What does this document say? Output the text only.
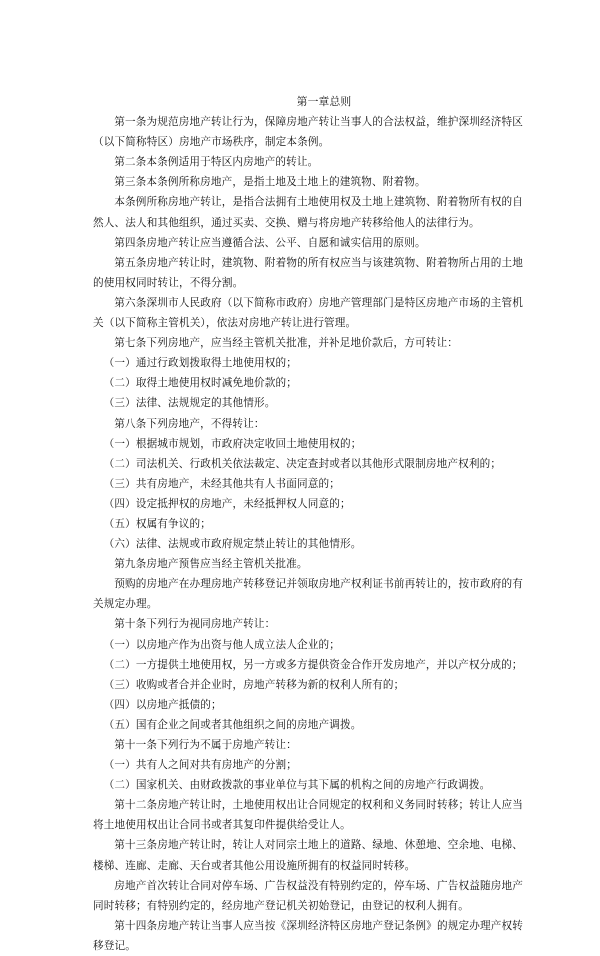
第一章总则

第一条为规范房地产转让行为，保障房地产转让当事人的合法权益，维护深圳经济特区（以下简称特区）房地产市场秩序，制定本条例。

第二条本条例适用于特区内房地产的转让。

第三条本条例所称房地产，是指土地及土地上的建筑物、附着物。

本条例所称房地产转让，是指合法拥有土地使用权及土地上建筑物、附着物所有权的自然人、法人和其他组织，通过买卖、交换、赠与将房地产转移给他人的法律行为。

第四条房地产转让应当遵循合法、公平、自愿和诚实信用的原则。

第五条房地产转让时，建筑物、附着物的所有权应当与该建筑物、附着物所占用的土地的使用权同时转让，不得分割。

第六条深圳市人民政府（以下简称市政府）房地产管理部门是特区房地产市场的主管机关（以下简称主管机关），依法对房地产转让进行管理。

第七条下列房地产，应当经主管机关批准，并补足地价款后，方可转让：

（一）通过行政划拨取得土地使用权的；

（二）取得土地使用权时减免地价款的；

（三）法律、法规规定的其他情形。

第八条下列房地产，不得转让：

（一）根据城市规划，市政府决定收回土地使用权的；

（二）司法机关、行政机关依法裁定、决定查封或者以其他形式限制房地产权利的；

（三）共有房地产，未经其他共有人书面同意的；

（四）设定抵押权的房地产，未经抵押权人同意的；

（五）权属有争议的；

（六）法律、法规或市政府规定禁止转让的其他情形。

第九条房地产预售应当经主管机关批准。

预购的房地产在办理房地产转移登记并领取房地产权利证书前再转让的，按市政府的有关规定办理。

第十条下列行为视同房地产转让：

（一）以房地产作为出资与他人成立法人企业的；

（二）一方提供土地使用权，另一方或多方提供资金合作开发房地产，并以产权分成的；

（三）收购或者合并企业时，房地产转移为新的权利人所有的；

（四）以房地产抵债的；

（五）国有企业之间或者其他组织之间的房地产调拨。

第十一条下列行为不属于房地产转让：

（一）共有人之间对共有房地产的分割；

（二）国家机关、由财政拨款的事业单位与其下属的机构之间的房地产行政调拨。

第十二条房地产转让时，土地使用权出让合同规定的权利和义务同时转移；转让人应当将土地使用权出让合同书或者其复印件提供给受让人。

第十三条房地产转让时，转让人对同宗土地上的道路、绿地、休憩地、空余地、电梯、楼梯、连廊、走廊、天台或者其他公用设施所拥有的权益同时转移。

房地产首次转让合同对停车场、广告权益没有特别约定的，停车场、广告权益随房地产同时转移；有特别约定的，经房地产登记机关初始登记，由登记的权利人拥有。

第十四条房地产转让当事人应当按《深圳经济特区房地产登记条例》的规定办理产权转移登记。
